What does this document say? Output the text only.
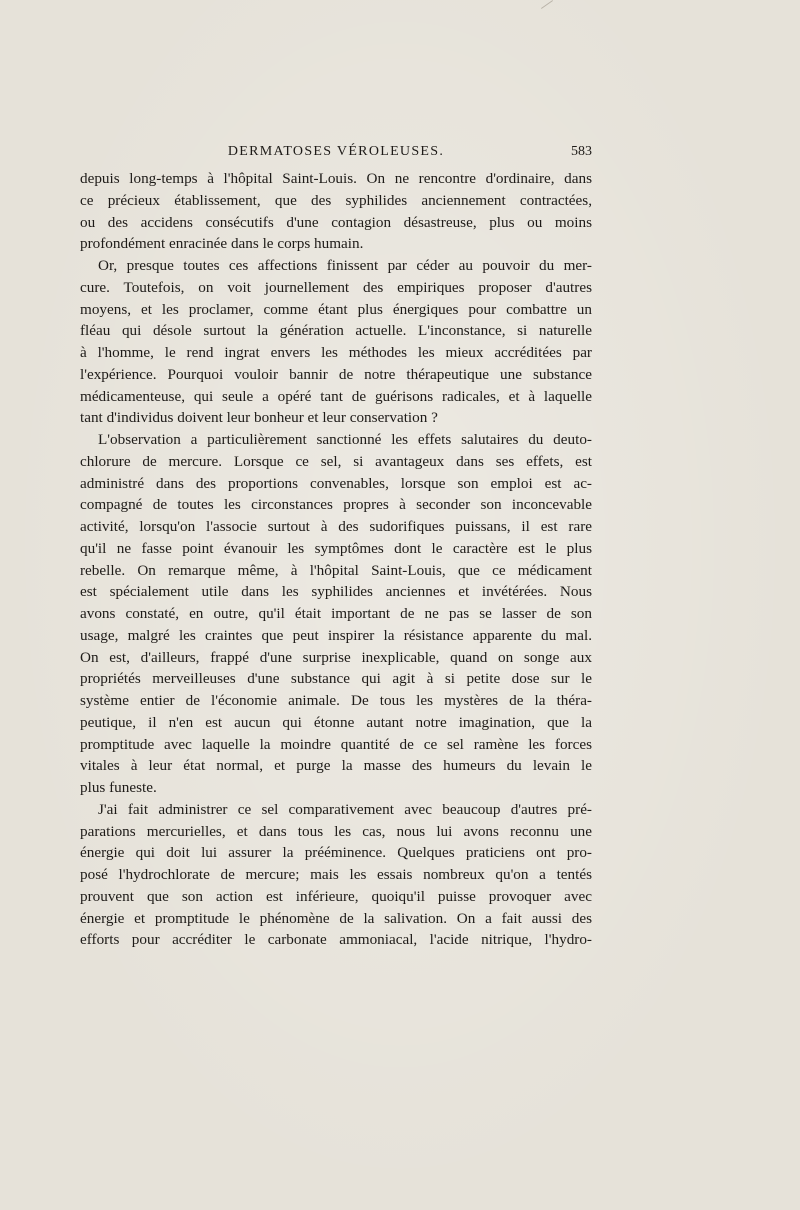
DERMATOSES VÉROLEUSES.	583
depuis long-temps à l'hôpital Saint-Louis. On ne rencontre d'ordinaire, dans
ce précieux établissement, que des syphilides anciennement contractées,
ou des accidens consécutifs d'une contagion désastreuse, plus ou moins
profondément enracinée dans le corps humain.
Or, presque toutes ces affections finissent par céder au pouvoir du mer-
cure. Toutefois, on voit journellement des empiriques proposer d'autres
moyens, et les proclamer, comme étant plus énergiques pour combattre un
fléau qui désole surtout la génération actuelle. L'inconstance, si naturelle
à l'homme, le rend ingrat envers les méthodes les mieux accréditées par
l'expérience. Pourquoi vouloir bannir de notre thérapeutique une substance
médicamenteuse, qui seule a opéré tant de guérisons radicales, et à laquelle
tant d'individus doivent leur bonheur et leur conservation ?
L'observation a particulièrement sanctionné les effets salutaires du deuto-
chlorure de mercure. Lorsque ce sel, si avantageux dans ses effets, est
administré dans des proportions convenables, lorsque son emploi est ac-
compagné de toutes les circonstances propres à seconder son inconcevable
activité, lorsqu'on l'associe surtout à des sudorifiques puissans, il est rare
qu'il ne fasse point évanouir les symptômes dont le caractère est le plus
rebelle. On remarque même, à l'hôpital Saint-Louis, que ce médicament
est spécialement utile dans les syphilides anciennes et invétérées. Nous
avons constaté, en outre, qu'il était important de ne pas se lasser de son
usage, malgré les craintes que peut inspirer la résistance apparente du mal.
On est, d'ailleurs, frappé d'une surprise inexplicable, quand on songe aux
propriétés merveilleuses d'une substance qui agit à si petite dose sur le
système entier de l'économie animale. De tous les mystères de la théra-
peutique, il n'en est aucun qui étonne autant notre imagination, que la
promptitude avec laquelle la moindre quantité de ce sel ramène les forces
vitales à leur état normal, et purge la masse des humeurs du levain le
plus funeste.
J'ai fait administrer ce sel comparativement avec beaucoup d'autres pré-
parations mercurielles, et dans tous les cas, nous lui avons reconnu une
énergie qui doit lui assurer la prééminence. Quelques praticiens ont pro-
posé l'hydrochlorate de mercure; mais les essais nombreux qu'on a tentés
prouvent que son action est inférieure, quoiqu'il puisse provoquer avec
énergie et promptitude le phénomène de la salivation. On a fait aussi des
efforts pour accréditer le carbonate ammoniacal, l'acide nitrique, l'hydro-
